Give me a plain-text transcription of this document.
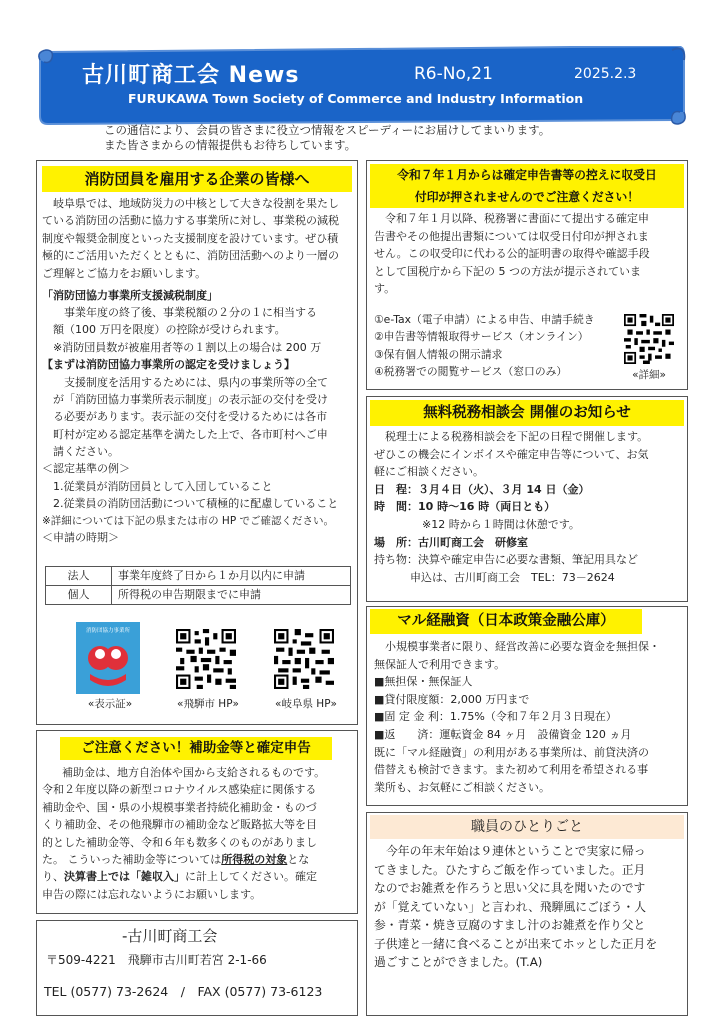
古川町商工会 News	R6-No,21	2025.2.3
FURUKAWA Town Society of Commerce and Industry Information
この通信により、会員の皆さまに役立つ情報をスピーディーにお届けしてまいります。
また皆さまからの情報提供もお待ちしています。
消防団員を雇用する企業の皆様へ
岐阜県では、地域防災力の中核として大きな役割を果たし
ている消防団の活動に協力する事業所に対し、事業税の減税
制度や報奨金制度といった支援制度を設けています。ぜひ積
極的にご活用いただくとともに、消防団活動へのより一層の
ご理解とご協力をお願いします。
「消防団協力事業所支援減税制度」
事業年度の終了後、事業税額の２分の１に相当する
額（100 万円を限度）の控除が受けられます。
※消防団員数が被雇用者等の１割以上の場合は 200 万
【まずは消防団協力事業所の認定を受けましょう】
支援制度を活用するためには、県内の事業所等の全て
が「消防団協力事業所表示制度」の表示証の交付を受け
る必要があります。表示証の交付を受けるためには各市
町村が定める認定基準を満たした上で、各市町村へご申
請ください。
＜認定基準の例＞
1.従業員が消防団員として入団していること
2.従業員の消防団活動について積極的に配慮していること
※詳細については下記の県または市の HP でご確認ください。
＜申請の時期＞
法人	事業年度終了日から１か月以内に申請
個人	所得税の申告期限までに申請
消防団協力事業所
«表示証»	«飛騨市 HP»	«岐阜県 HP»
ご注意ください！補助金等と確定申告
補助金は、地方自治体や国から支給されるものです。
令和２年度以降の新型コロナウイルス感染症に関係する
補助金や、国・県の小規模事業者持続化補助金・ものづ
くり補助金、その他飛騨市の補助金など販路拡大等を目
的とした補助金等、令和６年も数多くのものがありまし
た。 こういった補助金等については所得税の対象とな
り、決算書上では「雑収入」に計上してください。確定
申告の際には忘れないようにお願いします。
-古川町商工会
〒509-4221　飛騨市古川町若宮 2-1-66
TEL (0577) 73-2624　/　FAX (0577) 73-6123
令和７年１月からは確定申告書等の控えに収受日
付印が押されませんのでご注意ください！
令和７年１月以降、税務署に書面にて提出する確定申
告書やその他提出書類については収受日付印が押されま
せん。この収受印に代わる公的証明書の取得や確認手段
として国税庁から下記の 5 つの方法が提示されていま
す。
①e-Tax（電子申請）による申告、申請手続き
②申告書等情報取得サービス（オンライン）
③保有個人情報の開示請求
④税務署での閲覧サービス（窓口のみ）	«詳細»
無料税務相談会 開催のお知らせ
税理士による税務相談会を下記の日程で開催します。
ぜひこの機会にインボイスや確定申告等について、お気
軽にご相談ください。
日　程：３月４日（火）、３月 14 日（金）
時　間：10 時～16 時（両日とも）
※12 時から１時間は休憩です。
場　所：古川町商工会　研修室
持ち物：決算や確定申告に必要な書類、筆記用具など
申込は、古川町商工会　TEL：73－2624
マル経融資（日本政策金融公庫）
小規模事業者に限り、経営改善に必要な資金を無担保・
無保証人で利用できます。
■無担保・無保証人
■貸付限度額：2,000 万円まで
■固 定 金 利：1.75%（令和７年２月３日現在）
■返　　済：運転資金 84 ヶ月　設備資金 120 ヵ月
既に「マル経融資」の利用がある事業所は、前貸決済の
借替えも検討できます。また初めて利用を希望される事
業所も、お気軽にご相談ください。
職員のひとりごと
今年の年末年始は９連休ということで実家に帰っ
てきました。ひたすらご飯を作っていました。正月
なのでお雑煮を作ろうと思い父に具を聞いたのです
が「覚えていない」と言われ、飛騨風にごぼう・人
参・青菜・焼き豆腐のすまし汁のお雑煮を作り父と
子供達と一緒に食べることが出来てホッとした正月を
過ごすことができました。(T.A)
